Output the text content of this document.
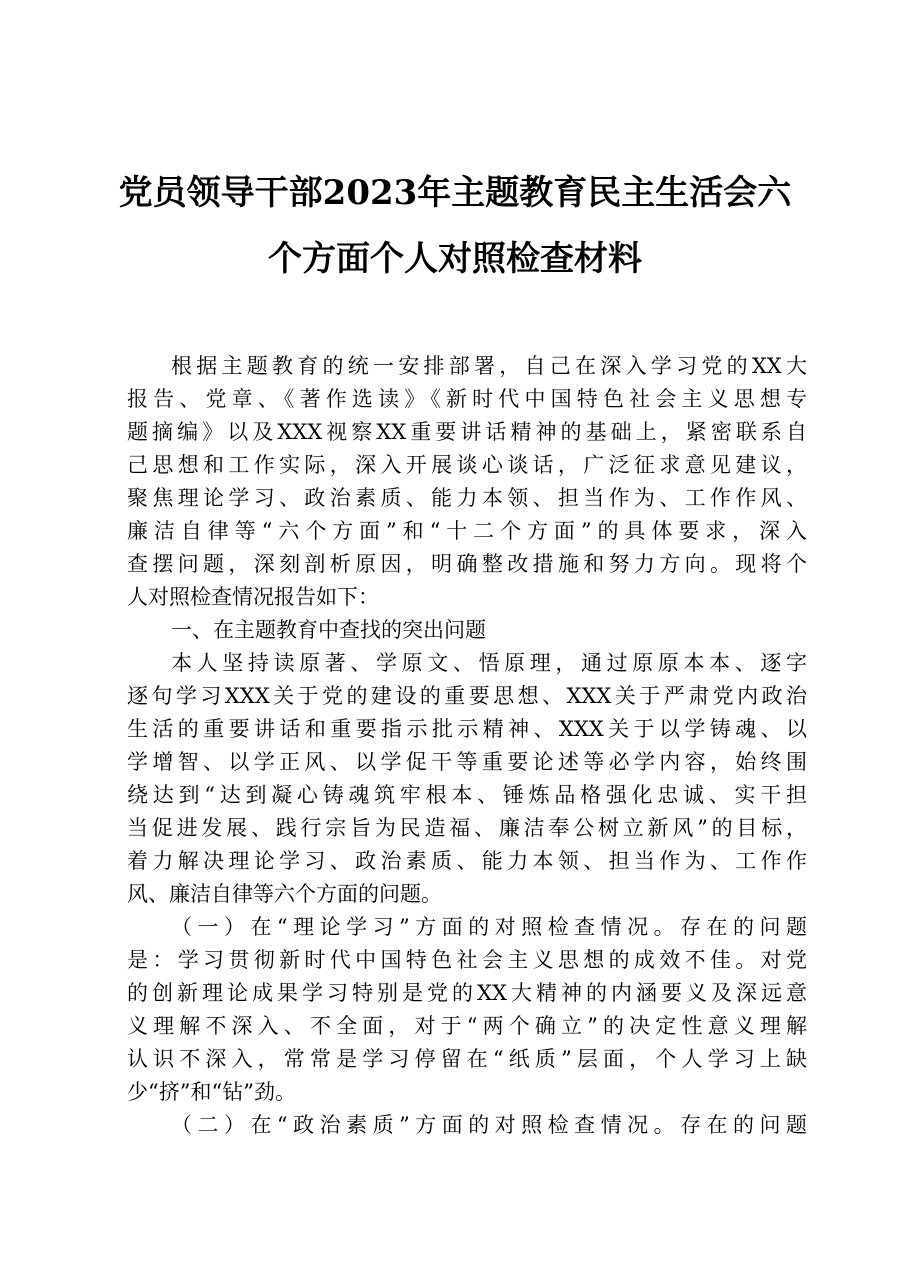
党员领导干部2023年主题教育民主生活会六
个方面个人对照检查材料
根据主题教育的统一安排部署，自己在深入学习党的XX大
报告、党章、《著作选读》《新时代中国特色社会主义思想专
题摘编》以及XXX视察XX重要讲话精神的基础上，紧密联系自
己思想和工作实际，深入开展谈心谈话，广泛征求意见建议，
聚焦理论学习、政治素质、能力本领、担当作为、工作作风、
廉洁自律等“六个方面”和“十二个方面”的具体要求，深入
查摆问题，深刻剖析原因，明确整改措施和努力方向。现将个
人对照检查情况报告如下：
一、在主题教育中查找的突出问题
本人坚持读原著、学原文、悟原理，通过原原本本、逐字
逐句学习XXX关于党的建设的重要思想、XXX关于严肃党内政治
生活的重要讲话和重要指示批示精神、XXX关于以学铸魂、以
学增智、以学正风、以学促干等重要论述等必学内容，始终围
绕达到“达到凝心铸魂筑牢根本、锤炼品格强化忠诚、实干担
当促进发展、践行宗旨为民造福、廉洁奉公树立新风”的目标，
着力解决理论学习、政治素质、能力本领、担当作为、工作作
风、廉洁自律等六个方面的问题。
（一）在“理论学习”方面的对照检查情况。存在的问题
是：学习贯彻新时代中国特色社会主义思想的成效不佳。对党
的创新理论成果学习特别是党的XX大精神的内涵要义及深远意
义理解不深入、不全面，对于“两个确立”的决定性意义理解
认识不深入，常常是学习停留在“纸质”层面，个人学习上缺
少“挤”和“钻”劲。
（二）在“政治素质”方面的对照检查情况。存在的问题
